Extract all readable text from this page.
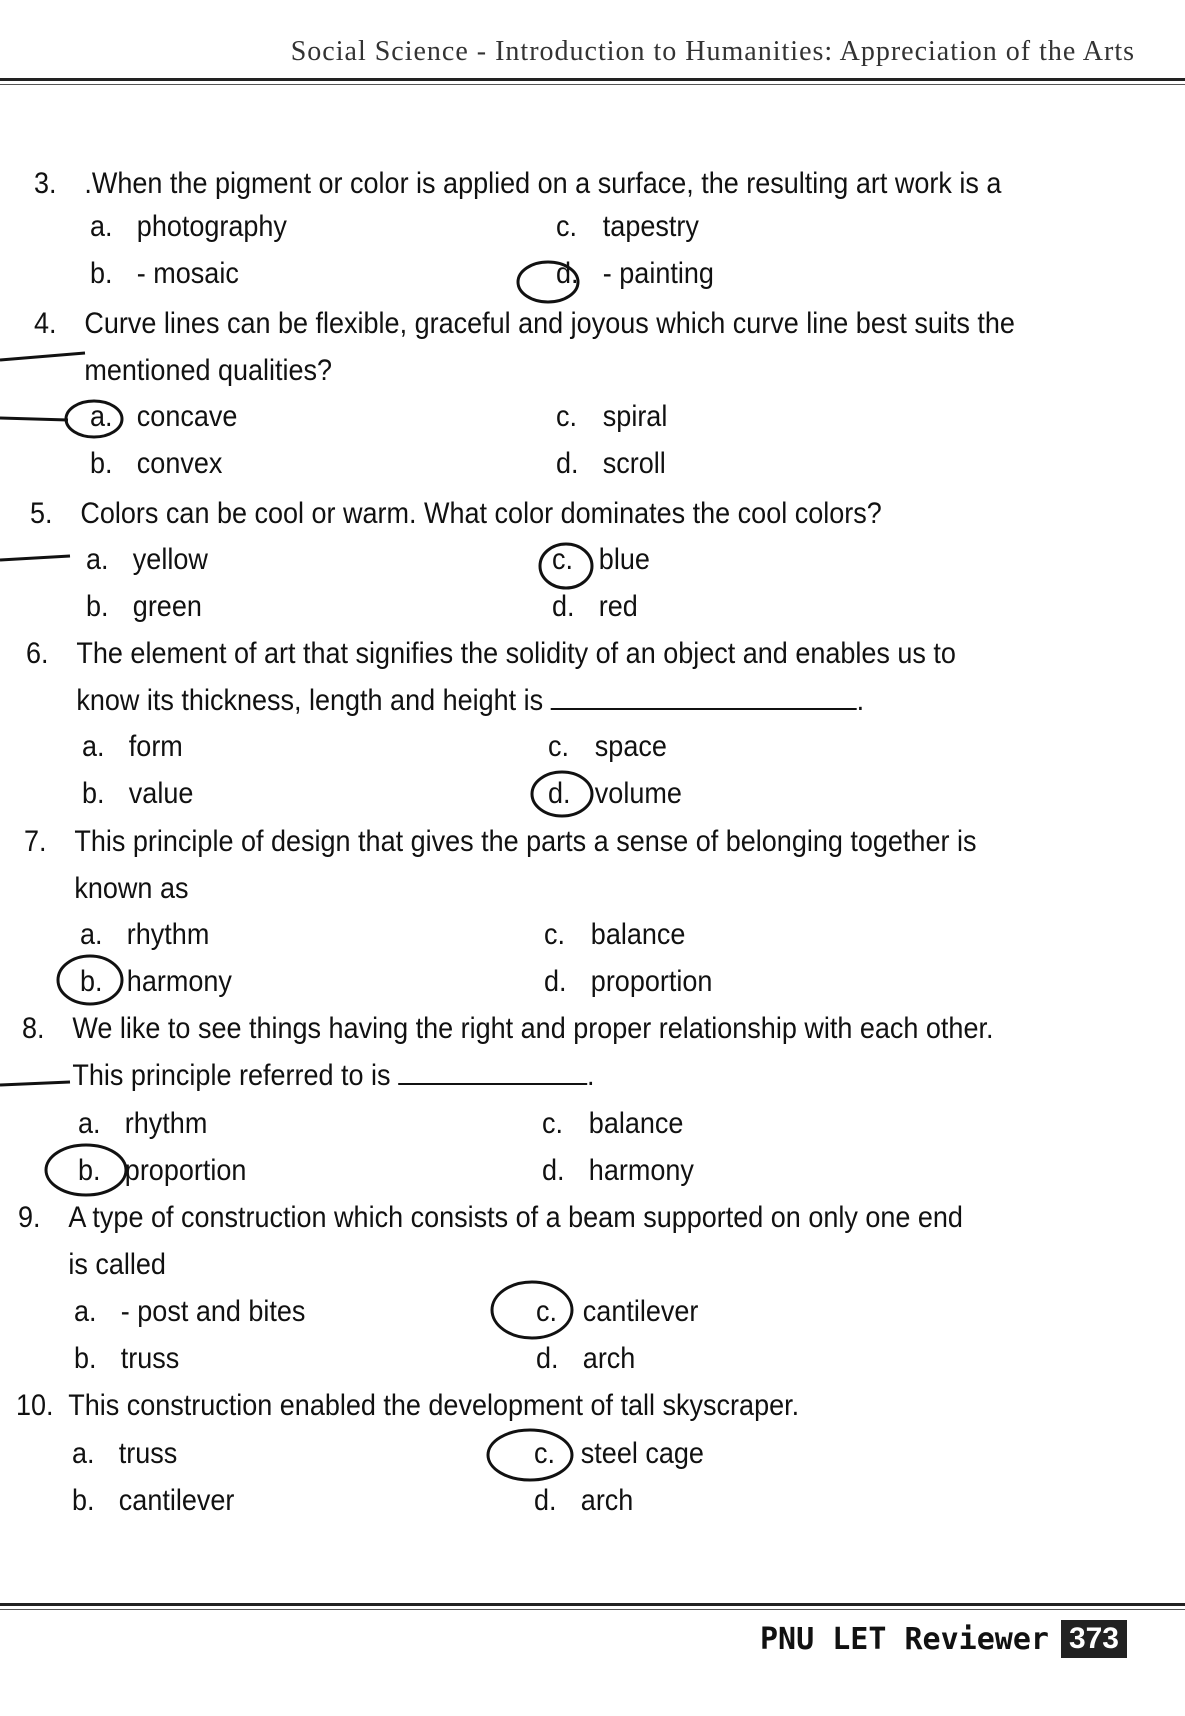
Social Science - Introduction to Humanities: Appreciation of the Arts
3. .When the pigment or color is applied on a surface, the resulting art work is a
a. photography
b. - mosaic
c. tapestry
d. - painting
4. Curve lines can be flexible, graceful and joyous which curve line best suits the
mentioned qualities?
a. concave
b. convex
c. spiral
d. scroll
5. Colors can be cool or warm. What color dominates the cool colors?
a. yellow
b. green
c. blue
d. red
6. The element of art that signifies the solidity of an object and enables us to
know its thickness, length and height is	.
a. form
b. value
c. space
d. volume
7. This principle of design that gives the parts a sense of belonging together is
known as
a. rhythm
b. harmony
c. balance
d. proportion
8. We like to see things having the right and proper relationship with each other.
This principle referred to is	.
a. rhythm
b. proportion
c. balance
d. harmony
9. A type of construction which consists of a beam supported on only one end
is called
a. - post and bites
b. truss
c. cantilever
d. arch
10. This construction enabled the development of tall skyscraper.
a. truss
b. cantilever
c. steel cage
d. arch
PNU LET Reviewer 373
